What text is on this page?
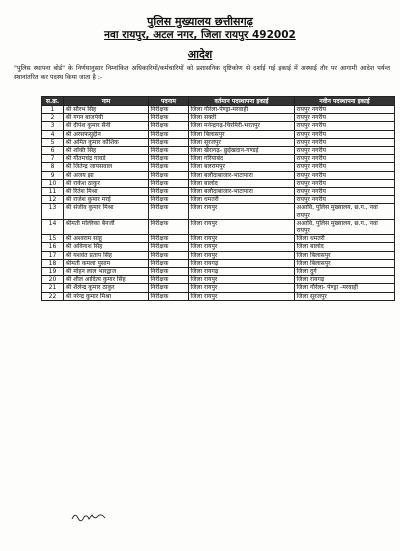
पुलिस मुख्यालय छत्तीसगढ़
नवा रायपुर, अटल नगर, जिला रायपुर 492002
आदेश
"पुलिस स्थापना बोर्ड" के निर्णयानुसार निम्नांकित अधिकारियों/कर्मचारियों को प्रशासनिक दृष्टिकोण से दर्शाई गई इकाई में अस्थाई तौर पर आगामी आदेश पर्यन्त स्थानांतरित कर पदस्थ किया जाता है :-
स.क्र.	नाम	पदनाम	वर्तमान पदस्थापना इकाई	नवीन पदस्थापना इकाई
1	श्री सौरभ सिंह	निरीक्षक	जिला गौरेला-पेण्ड्रा-मरवाही	रायपुर नगरीय
2	श्री गगन बाजपेयी	निरीक्षक	जिला सक्ती	रायपुर नगरीय
3	श्री दीपेश कुमार सैनी	निरीक्षक	जिला मनेन्द्रगढ़-चिरमिरी-भरतपुर	रायपुर नगरीय
4	श्री अरसफसुद्दीन	निरीक्षक	जिला बिलासपुर	रायपुर नगरीय
5	श्री अमित कुमार कौशिक	निरीक्षक	जिला सूरजपुर	रायपुर नगरीय
6	श्री शक्ति सिंह	निरीक्षक	जिला खैरागढ़- छुईखदान-गण्डई	रायपुर नगरीय
7	श्री गौतमचंद्र गावडे	निरीक्षक	जिला गरियाबंद	रायपुर नगरीय
8	श्री जितेन्द्र जायसवाल	निरीक्षक	जिला बलरामपुर	रायपुर नगरीय
9	श्री अजय झा	निरीक्षक	जिला बलौदाबाजार-भाटापारा	रायपुर नगरीय
10	श्री राकेश ठाकुर	निरीक्षक	जिला बालोद	रायपुर नगरीय
11	श्री रितेश मिश्रा	निरीक्षक	जिला बलौदाबाजार-भाटापारा	रायपुर नगरीय
12	श्री राजेश कुमार मरई	निरीक्षक	जिला धमतरी	रायपुर नगरीय
13	श्री संजीव कुमार मिश्रा	निरीक्षक	जिला रायपुर	अआवि, पुलिस मुख्यालय, छ.ग., नवा रायपुर
14	श्रीमती मल्लिका बैनर्जी	निरीक्षक	जिला रायपुर	अआवि, पुलिस मुख्यालय, छ.ग., नवा रायपुर
15	श्री अश्वराम साहू	निरीक्षक	जिला रायपुर	जिला धमतरी
16	श्री अविनाश सिंह	निरीक्षक	जिला रायपुर	जिला बालोद
17	श्री यशवंत प्रताप सिंह	निरीक्षक	जिला रायपुर	जिला बिलासपुर
18	श्रीमती कमला पुसाम	निरीक्षक	जिला रायगढ़	जिला बिलासपुर
19	श्री मोहन लाल भारद्वाज	निरीक्षक	जिला रायगढ़	जिला दुर्ग
20	श्री शील आदित्य कुमार सिंह	निरीक्षक	जिला रायपुर	जिला रायगढ़
21	श्री शैलेन्द्र कुमार ठाकुर	निरीक्षक	जिला रायपुर	जिला गौरेला- पेण्ड्रा -मरवाही
22	श्री नरेन्द्र कुमार मिश्रा	निरीक्षक	जिला रायपुर	जिला सूरजपुर
